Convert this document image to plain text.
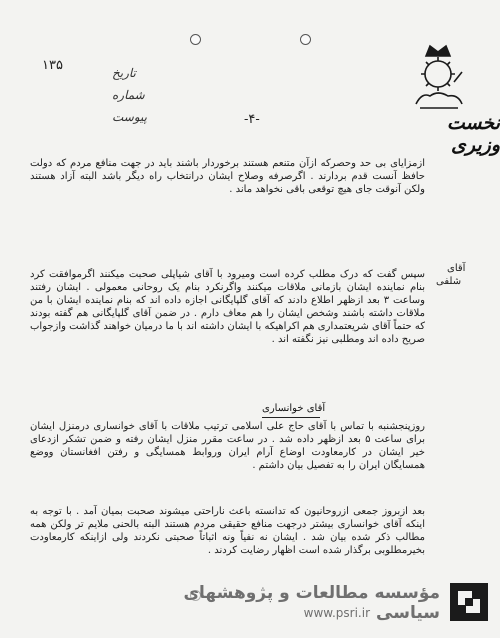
۱۳۵	تاریخ
شماره
پیوست	نخست وزیری
-۴-
ازمزایای بی حد وحصرکه ازآن متنعم هستند برخوردار باشند باید در جهت منافع مردم که دولت حافظ آنست قدم بردارند . اگرصرفه وصلاح ایشان درانتخاب راه دیگر باشد البته آزاد هستند ولکن آنوقت جای هیچ توقعی باقی نخواهد ماند .
آقای
شلفی
سپس گفت که درک مطلب کرده است ومیرود با آقای شیاپلی صحبت میکنند اگرموافقت کرد بنام نماینده ایشان بازمانی ملاقات میکنند واگرنکرد بنام یک روحانی معمولی . ایشان رفتند وساعت ۳ بعد ازظهر اطلاع دادند که آقای گلپایگانی اجازه داده اند که بنام نماینده ایشان با من ملاقات داشته باشند وشخص ایشان را هم معاف دارم . در ضمن آقای گلپایگانی هم گفته بودند که حتماً آقای شریعتمداری هم اکراهیکه با ایشان داشته اند با ما درمیان خواهند گذاشت وازجواب صریح داده اند ومطلبی نیز نگفته اند .
آقای خوانساری
روزپنجشنبه با تماس با آقای حاج علی اسلامی ترتیب ملاقات با آقای خوانساری درمنزل ایشان برای ساعت ۵ بعد ازظهر داده شد . در ساعت مقرر منزل ایشان رفته و ضمن تشکر ازدعای خیر ایشان در کارمعاودت اوضاع آرام ایران وروابط همسایگی و رفتن افغانستان ووضع همسایگان ایران را به تفصیل بیان داشتم .
بعد ازبروز جمعی ازروحانیون که تدانسته باعث ناراحتی میشوند صحبت بمیان آمد . با توجه به اینکه آقای خوانساری بیشتر درجهت منافع حقیقی مردم هستند البته بالحنی ملایم تر ولکن همه مطالب ذکر شده بیان شد . ایشان نه نفیاً ونه اثباتاً صحبتی نکردند ولی ازاینکه کارمعاودت بخیرمطلوبی برگذار شده است اظهار رضایت کردند .
مؤسسه مطالعات و پژوهشهای سیاسی
www.psri.ir
